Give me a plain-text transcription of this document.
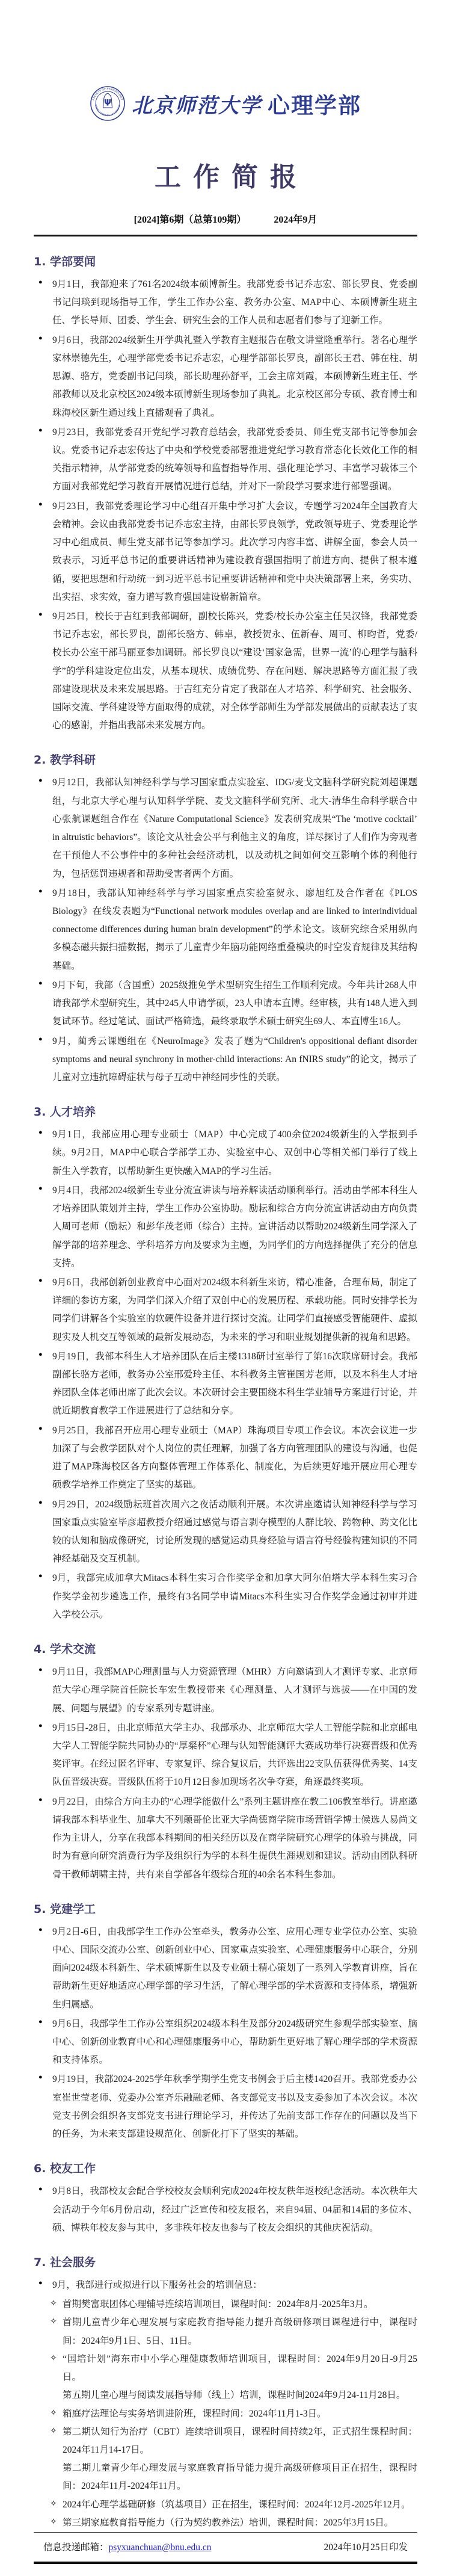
FACULTY OF PSYCHOLOGY
BEIJING NORMAL UNIVERSITY
Ψ 北京师范大学 心理学部
工作简报
[2024]第6期（总第109期）	2024年9月
1. 学部要闻
● 9月1日，我部迎来了761名2024级本硕博新生。我部党委书记乔志宏、部长罗良、党委副书记闫琰到现场指导工作，学生工作办公室、教务办公室、MAP中心、本硕博新生班主任、学长导师、团委、学生会、研究生会的工作人员和志愿者们参与了迎新工作。
● 9月6日，我部2024级新生开学典礼暨入学教育主题报告在敬文讲堂隆重举行。著名心理学家林崇德先生，心理学部党委书记乔志宏，心理学部部长罗良，副部长王君、韩在柱、胡思源、骆方，党委副书记闫琰，部长助理孙舒平，工会主席刘霞，本硕博新生班主任、学部教师以及北京校区2024级本硕博新生现场参加了典礼。北京校区部分专硕、教育博士和珠海校区新生通过线上直播观看了典礼。
● 9月23日，我部党委召开党纪学习教育总结会，我部党委委员、师生党支部书记等参加会议。党委书记乔志宏传达了中央和学校党委部署推进党纪学习教育常态化长效化工作的相关指示精神，从学部党委的统筹领导和监督指导作用、强化理论学习、丰富学习载体三个方面对我部党纪学习教育开展情况进行总结，并对下一阶段学习要求进行部署强调。
● 9月23日，我部党委理论学习中心组召开集中学习扩大会议，专题学习2024年全国教育大会精神。会议由我部党委书记乔志宏主持，由部长罗良领学，党政领导班子、党委理论学习中心组成员、师生党支部书记等参加学习。此次学习内容丰富、讲解全面，参会人员一致表示，习近平总书记的重要讲话精神为建设教育强国指明了前进方向、提供了根本遵循，要把思想和行动统一到习近平总书记重要讲话精神和党中央决策部署上来，务实功、出实招、求实效，奋力谱写教育强国建设崭新篇章。
● 9月25日，校长于吉红到我部调研，副校长陈兴，党委/校长办公室主任吴汉锋，我部党委书记乔志宏，部长罗良，副部长骆方、韩卓，教授贺永、伍新春、周可、柳昀哲，党委/校长办公室干部马丽亚参加调研。部长罗良以“建设‘国家急需，世界一流’的心理学与脑科学”的学科建设定位出发，从基本现状、成绩优势、存在问题、解决思路等方面汇报了我部建设现状及未来发展思路。于吉红充分肯定了我部在人才培养、科学研究、社会服务、国际交流、学科建设等方面取得的成就，对全体学部师生为学部发展做出的贡献表达了衷心的感谢，并指出我部未来发展方向。
2. 教学科研
● 9月12日，我部认知神经科学与学习国家重点实验室、IDG/麦戈文脑科学研究院刘超课题组，与北京大学心理与认知科学学院、麦戈文脑科学研究所、北大-清华生命科学联合中心张航课题组合作在《Nature Computational Science》发表研究成果“The ‘motive cocktail’ in altruistic behaviors”。该论文从社会公平与利他主义的角度，详尽探讨了人们作为旁观者在干预他人不公事件中的多种社会经济动机，以及动机之间如何交互影响个体的利他行为，包括惩罚违规者和帮助受害者两个方面。
● 9月18日，我部认知神经科学与学习国家重点实验室贺永、廖旭红及合作者在《PLOS Biology》在线发表题为“Functional network modules overlap and are linked to interindividual connectome differences during human brain development”的学术论文。该研究综合采用纵向多模态磁共振扫描数据，揭示了儿童青少年脑功能网络重叠模块的时空发育规律及其结构基础。
● 9月下旬，我部（含国重）2025级推免学术型研究生招生工作顺利完成。今年共计268人申请我部学术型研究生，其中245人申请学硕，23人申请本直博。经审核，共有148人进入到复试环节。经过笔试、面试严格筛选，最终录取学术硕士研究生69人、本直博生16人。
● 9月，蔺秀云课题组在《NeuroImage》发表了题为“Children's oppositional defiant disorder symptoms and neural synchrony in mother-child interactions: An fNIRS study”的论文，揭示了儿童对立违抗障碍症状与母子互动中神经同步性的关联。
3. 人才培养
● 9月1日，我部应用心理专业硕士（MAP）中心完成了400余位2024级新生的入学报到手续。9月2日，MAP中心联合学部学工办、实验室中心、双创中心等相关部门举行了线上新生入学教育，以帮助新生更快融入MAP的学习生活。
● 9月4日，我部2024级新生专业分流宣讲读与培养解读活动顺利举行。活动由学部本科生人才培养团队策划并主持，学生工作办公室协助。励耘和综合方向分流宣讲活动由方向负责人周可老师（励耘）和彭华茂老师（综合）主持。宣讲活动以帮助2024级新生同学深入了解学部的培养理念、学科培养方向及要求为主题，为同学们的方向选择提供了充分的信息支持。
● 9月6日，我部创新创业教育中心面对2024级本科新生来访，精心准备，合理布局，制定了详细的参访方案，为同学们深入介绍了双创中心的发展历程、承载功能。同时安排学长为同学们讲解各个实验室的软硬件设备并进行探讨交流。让同学们直接感受智能硬件、虚拟现实及人机交互等领域的最新发展动态，为未来的学习和职业规划提供新的视角和思路。
● 9月19日，我部本科生人才培养团队在后主楼1318研讨室举行了第16次联席研讨会。我部副部长骆方老师，教务办公室邢爱玲主任、本科教务主管崔国芳老师，以及本科生人才培养团队全体老师出席了此次会议。本次研讨会主要围绕本科生学业辅导方案进行讨论，并就近期教育教学工作进展进行了总结和分享。
● 9月25日，我部召开应用心理专业硕士（MAP）珠海项目专项工作会议。本次会议进一步加深了与会教学团队对个人岗位的责任理解，加强了各方向管理团队的建设与沟通，也促进了MAP珠海校区各方向整体管理工作体系化、制度化，为后续更好地开展应用心理专硕教学培养工作奠定了坚实的基础。
● 9月29日，2024级励耘班首次周六之夜活动顺利开展。本次讲座邀请认知神经科学与学习国家重点实验室毕彦超教授介绍通过感觉与语言剥夺模型的人群比较、跨物种、跨文化比较的认知和脑成像研究，讨论所发现的感觉运动具身经验与语言符号经验构建知识的不同神经基础及交互机制。
● 9月，我部完成加拿大Mitacs本科生实习合作奖学金和加拿大阿尔伯塔大学本科生实习合作奖学金初步遴选工作，最终有3名同学申请Mitacs本科生实习合作奖学金通过初审并进入学校公示。
4. 学术交流
● 9月11日，我部MAP心理测量与人力资源管理（MHR）方向邀请到人才测评专家、北京师范大学心理学院首任院长车宏生教授带来《心理测量、人才测评与选拔——在中国的发展、问题与展望》的专家系列专题讲座。
● 9月15日-28日，由北京师范大学主办、我部承办、北京师范大学人工智能学院和北京邮电大学人工智能学院共同协办的“厚粲杯”心理与认知智能测评大赛成功举行决赛晋级和优秀奖评审。在经过匿名评审、专家复评、综合复议后，共评选出22支队伍获得优秀奖、14支队伍晋级决赛。晋级队伍将于10月12日参加现场名次争夺赛，角逐最终奖项。
● 9月22日，由综合方向主办的“心理学能做什么”系列主题讲座在教二106教室举行。讲座邀请我部本科毕业生、加拿大不列颠哥伦比亚大学尚德商学院市场营销学博士候选人易尚文作为主讲人，分享在我部本科期间的相关经历以及在商学院研究心理学的体验与挑战，同时为有意向研究消费行为学及组织行为学的本科生提供生涯规划和建议。活动由团队科研骨干教师胡啸主持，共有来自学部各年级综合班的40余名本科生参加。
5. 党建学工
● 9月2日-6日，由我部学生工作办公室牵头，教务办公室、应用心理专业学位办公室、实验中心、国际交流办公室、创新创业中心、国家重点实验室、心理健康服务中心联合，分别面向2024级本科新生、学术硕博新生以及专业硕士精心策划了一系列入学教育讲座，旨在帮助新生更好地适应心理学部的学习生活，了解心理学部的学术资源和支持体系，增强新生归属感。
● 9月6日，我部学生工作办公室组织2024级本科生及部分2024级研究生参观学部实验室、脑中心、创新创业教育中心和心理健康服务中心，帮助新生更好地了解心理学部的学术资源和支持体系。
● 9月19日，我部2024-2025学年秋季学期学生党支书例会于后主楼1420召开。我部党委办公室崔世莹老师、党委办公室齐乐融融老师、各支部党支书以及支委参加了本次会议。本次党支书例会组织各支部党支书进行理论学习，并传达了先前支部工作存在的问题以及当下的任务，为未来支部建设规范化、创新化打下了坚实的基础。
6. 校友工作
● 9月8日，我部校友会配合学校校友会顺利完成2024年校友秩年返校纪念活动。本次秩年大会活动于今年6月份启动，经过广泛宣传和校友报名，来自94届、04届和14届的多位本、硕、博秩年校友参与其中，多非秩年校友也参与了校友会组织的其他庆祝活动。
7. 社会服务
● 9月，我部进行或拟进行以下服务社会的培训信息：
✧ 首期樊富珉团体心理辅导连续培训项目，课程时间：2024年8月-2025年3月。
✧ 首期儿童青少年心理发展与家庭教育指导能力提升高级研修项目课程进行中，课程时间：2024年9月1日、5日、11日。
✧ “国培计划”海东市中小学心理健康教师培训项目，课程时间：2024年9月20日-9月25日。
第五期儿童心理与阅读发展指导师（线上）培训，课程时间2024年9月24-11月28日。
✧ 箱庭疗法理论与实务培训进阶班，课程时间：2024年11月1-3日。
✧ 第二期认知行为治疗（CBT）连续培训项目，课程时间持续2年，正式招生课程时间：2024年11月14-17日。
第二期儿童青少年心理发展与家庭教育指导能力提升高级研修项目正在招生，课程时间：2024年11月-2024年11月。
✧ 2024年心理学基础研修（筑基项目）正在招生，课程时间：2024年12月-2025年12月。
✧ 第三期家庭教育指导能力（行为契约教养法）培训，课程时间：2025年3月15日。
信息投递邮箱：psyxuanchuan@bnu.edu.cn	2024年10月25日印发
